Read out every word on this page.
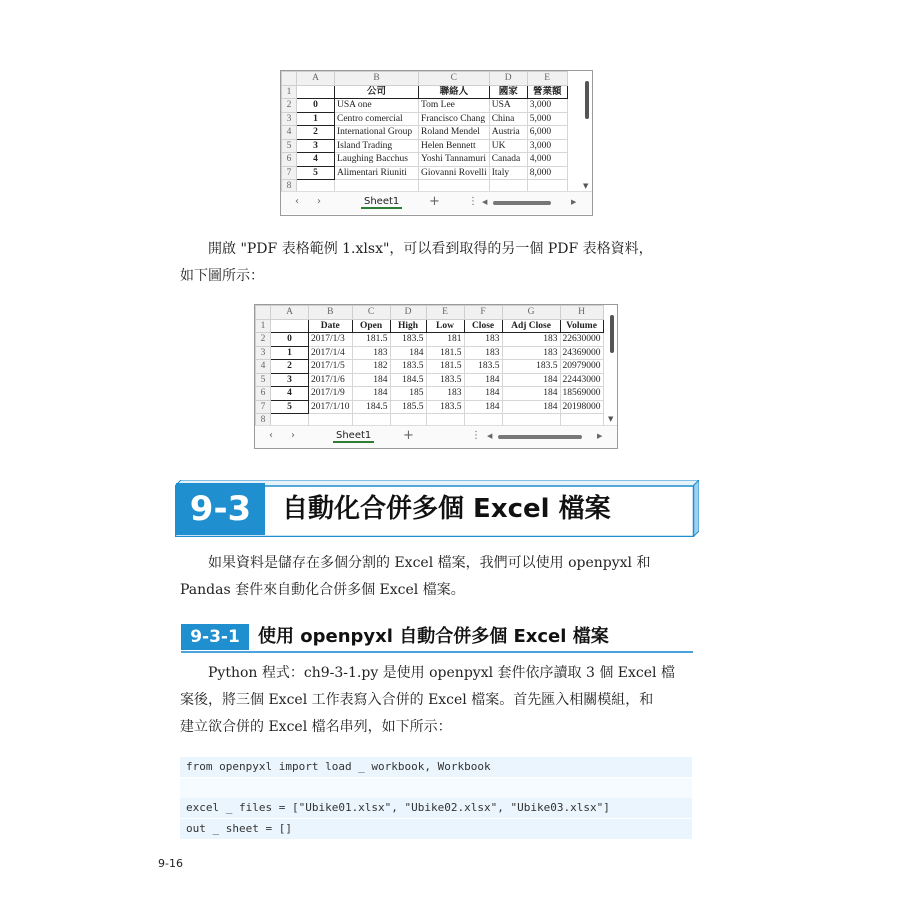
	A	B	C	D	E
1		公司	聯絡人	國家	營業額
2	0	USA one	Tom Lee	USA	3,000
3	1	Centro comercial	Francisco Chang	China	5,000
4	2	International Group	Roland Mendel	Austria	6,000
5	3	Island Trading	Helen Bennett	UK	3,000
6	4	Laughing Bacchus	Yoshi Tannamuri	Canada	4,000
7	5	Alimentari Riuniti	Giovanni Rovelli	Italy	8,000
8						▼
‹ ›	Sheet1 +	⋮ ◀	▶
開啟 "PDF 表格範例 1.xlsx"，可以看到取得的另一個 PDF 表格資料，
如下圖所示：
	A	B	C	D	E	F	G	H
1		Date	Open	High	Low	Close	Adj Close	Volume
2	0	2017/1/3	181.5	183.5	181	183	183	22630000
3	1	2017/1/4	183	184	181.5	183	183	24369000
4	2	2017/1/5	182	183.5	181.5	183.5	183.5	20979000
5	3	2017/1/6	184	184.5	183.5	184	184	22443000
6	4	2017/1/9	184	185	183	184	184	18569000
7	5	2017/1/10	184.5	185.5	183.5	184	184	20198000
8									▼
‹ ›	Sheet1 +	⋮ ◀	▶
9-3	自動化合併多個 Excel 檔案
如果資料是儲存在多個分割的 Excel 檔案，我們可以使用 openpyxl 和
Pandas 套件來自動化合併多個 Excel 檔案。
9-3-1	使用 openpyxl 自動合併多個 Excel 檔案
Python 程式：ch9-3-1.py 是使用 openpyxl 套件依序讀取 3 個 Excel 檔
案後，將三個 Excel 工作表寫入合併的 Excel 檔案。首先匯入相關模組，和
建立欲合併的 Excel 檔名串列，如下所示：
from openpyxl import load _ workbook, Workbook
excel _ files = ["Ubike01.xlsx", "Ubike02.xlsx", "Ubike03.xlsx"]
out _ sheet = []
9-16
